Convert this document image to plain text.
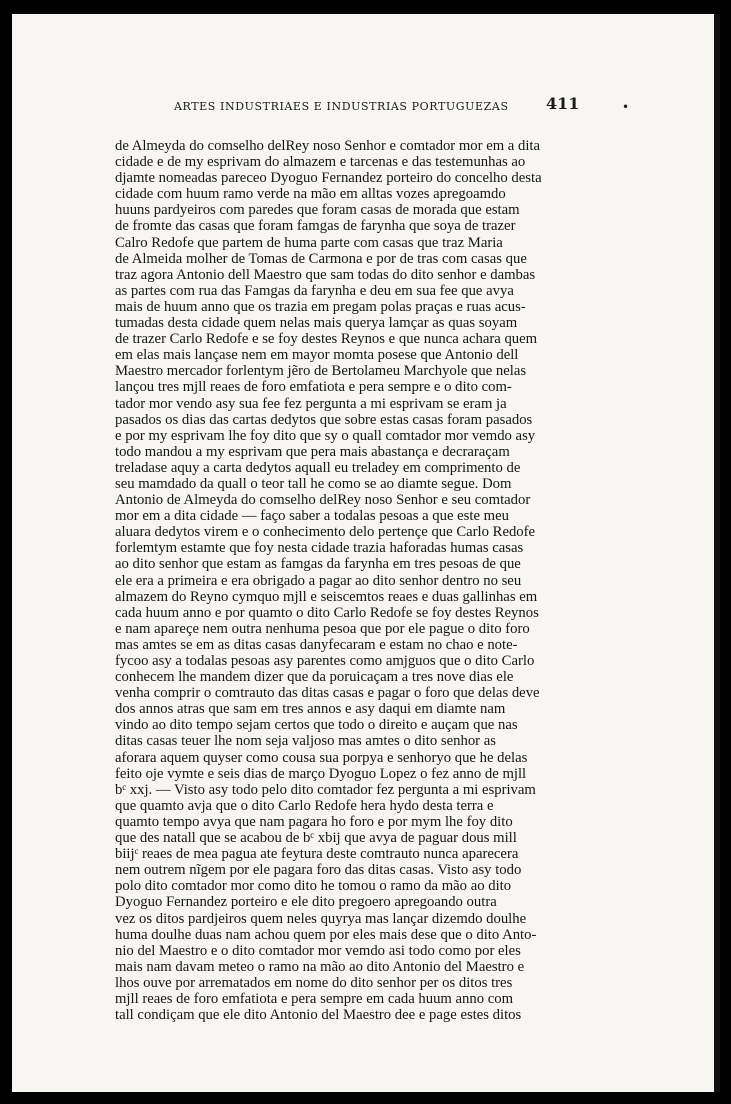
ARTES INDUSTRIAES E INDUSTRIAS PORTUGUEZAS 411	•
de Almeyda do comselho delRey noso Senhor e comtador mor em a dita
cidade e de my esprivam do almazem e tarcenas e das testemunhas ao
djamte nomeadas pareceo Dyoguo Fernandez porteiro do concelho desta
cidade com huum ramo verde na mão em alltas vozes apregoamdo
huuns pardyeiros com paredes que foram casas de morada que estam
de fromte das casas que foram famgas de farynha que soya de trazer
Calro Redofe que partem de huma parte com casas que traz Maria
de Almeida molher de Tomas de Carmona e por de tras com casas que
traz agora Antonio dell Maestro que sam todas do dito senhor e dambas
as partes com rua das Famgas da farynha e deu em sua fee que avya
mais de huum anno que os trazia em pregam polas praças e ruas acus-
tumadas desta cidade quem nelas mais querya lamçar as quas soyam
de trazer Carlo Redofe e se foy destes Reynos e que nunca achara quem
em elas mais lançase nem em mayor momta posese que Antonio dell
Maestro mercador forlentym jẽro de Bertolameu Marchyole que nelas
lançou tres mjll reaes de foro emfatiota e pera sempre e o dito com-
tador mor vendo asy sua fee fez pergunta a mi esprivam se eram ja
pasados os dias das cartas dedytos que sobre estas casas foram pasados
e por my esprivam lhe foy dito que sy o quall comtador mor vemdo asy
todo mandou a my esprivam que pera mais abastança e decraraçam
treladase aquy a carta dedytos aquall eu treladey em comprimento de
seu mamdado da quall o teor tall he como se ao diamte segue. Dom
Antonio de Almeyda do comselho delRey noso Senhor e seu comtador
mor em a dita cidade — faço saber a todalas pesoas a que este meu
aluara dedytos virem e o conhecimento delo pertençe que Carlo Redofe
forlemtym estamte que foy nesta cidade trazia haforadas humas casas
ao dito senhor que estam as famgas da farynha em tres pesoas de que
ele era a primeira e era obrigado a pagar ao dito senhor dentro no seu
almazem do Reyno cymquo mjll e seiscemtos reaes e duas gallinhas em
cada huum anno e por quamto o dito Carlo Redofe se foy destes Reynos
e nam apareçe nem outra nenhuma pesoa que por ele pague o dito foro
mas amtes se em as ditas casas danyfecaram e estam no chao e note-
fycoo asy a todalas pesoas asy parentes como amjguos que o dito Carlo
conhecem lhe mandem dizer que da poruicaçam a tres nove dias ele
venha comprir o comtrauto das ditas casas e pagar o foro que delas deve
dos annos atras que sam em tres annos e asy daqui em diamte nam
vindo ao dito tempo sejam certos que todo o direito e auçam que nas
ditas casas teuer lhe nom seja valjoso mas amtes o dito senhor as
aforara aquem quyser como cousa sua porpya e senhoryo que he delas
feito oje vymte e seis dias de março Dyoguo Lopez o fez anno de mjll
bᶜ xxj. — Visto asy todo pelo dito comtador fez pergunta a mi esprivam
que quamto avja que o dito Carlo Redofe hera hydo desta terra e
quamto tempo avya que nam pagara ho foro e por mym lhe foy dito
que des natall que se acabou de bᶜ xbij que avya de paguar dous mill
biijᶜ reaes de mea pagua ate feytura deste comtrauto nunca aparecera
nem outrem nĩgem por ele pagara foro das ditas casas. Visto asy todo
polo dito comtador mor como dito he tomou o ramo da mão ao dito
Dyoguo Fernandez porteiro e ele dito pregoero apregoando outra
vez os ditos pardjeiros quem neles quyrya mas lançar dizemdo doulhe
huma doulhe duas nam achou quem por eles mais dese que o dito Anto-
nio del Maestro e o dito comtador mor vemdo asi todo como por eles
mais nam davam meteo o ramo na mão ao dito Antonio del Maestro e
lhos ouve por arrematados em nome do dito senhor per os ditos tres
mjll reaes de foro emfatiota e pera sempre em cada huum anno com
tall condiçam que ele dito Antonio del Maestro dee e page estes ditos
